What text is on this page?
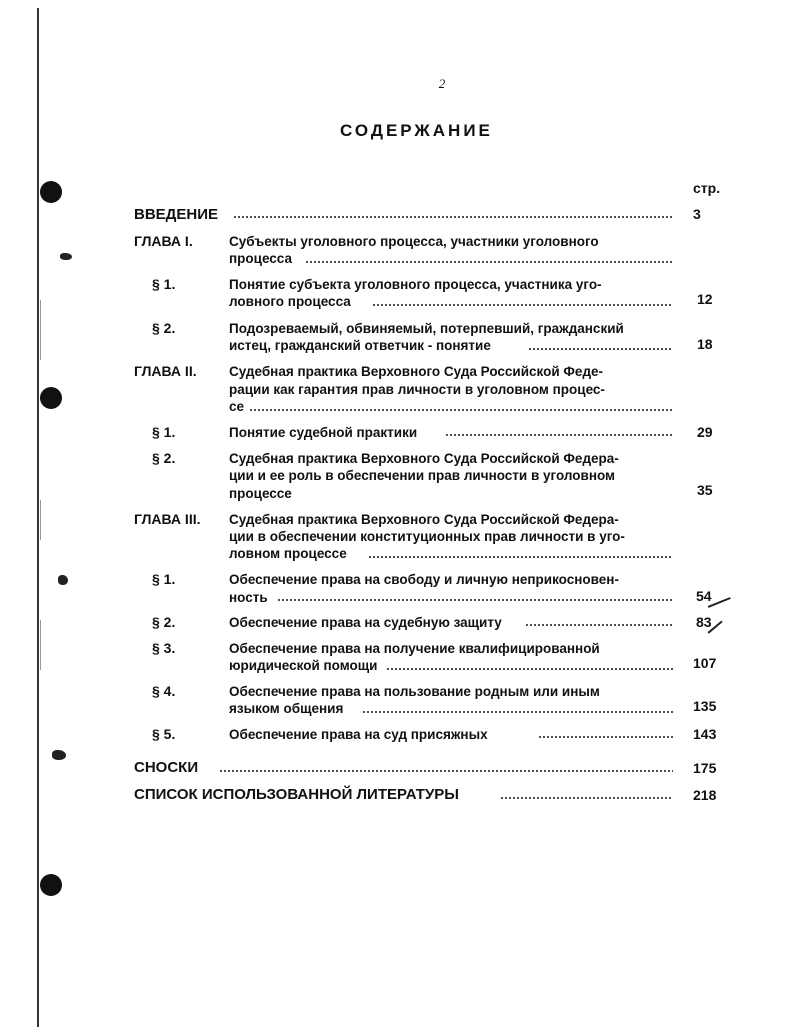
2
СОДЕРЖАНИЕ
стр.
ВВЕДЕНИЕ	3
ГЛАВА I.	Субъекты уголовного процесса, участники уголовного
процесса
§ 1.	Понятие субъекта уголовного процесса, участника уго-
ловного процесса	12
§ 2.	Подозреваемый, обвиняемый, потерпевший, гражданский
истец, гражданский ответчик - понятие	18
ГЛАВА II. Судебная практика Верховного Суда Российской Феде-
рации как гарантия прав личности в уголовном процес-
се
§ 1.	Понятие судебной практики	29
§ 2.	Судебная практика Верховного Суда Российской Федера-
ции и ее роль в обеспечении прав личности в уголовном
процессе	35
ГЛАВА III. Судебная практика Верховного Суда Российской Федера-
ции в обеспечении конституционных прав личности в уго-
ловном процессе
§ 1.	Обеспечение права на свободу и личную неприкосновен-
ность	54
§ 2.	Обеспечение права на судебную защиту	83
§ 3.	Обеспечение права на получение квалифицированной
юридической помощи	107
§ 4.	Обеспечение права на пользование родным или иным
языком общения	135
§ 5.	Обеспечение права на суд присяжных	143
СНОСКИ	175
СПИСОК ИСПОЛЬЗОВАННОЙ ЛИТЕРАТУРЫ	218
